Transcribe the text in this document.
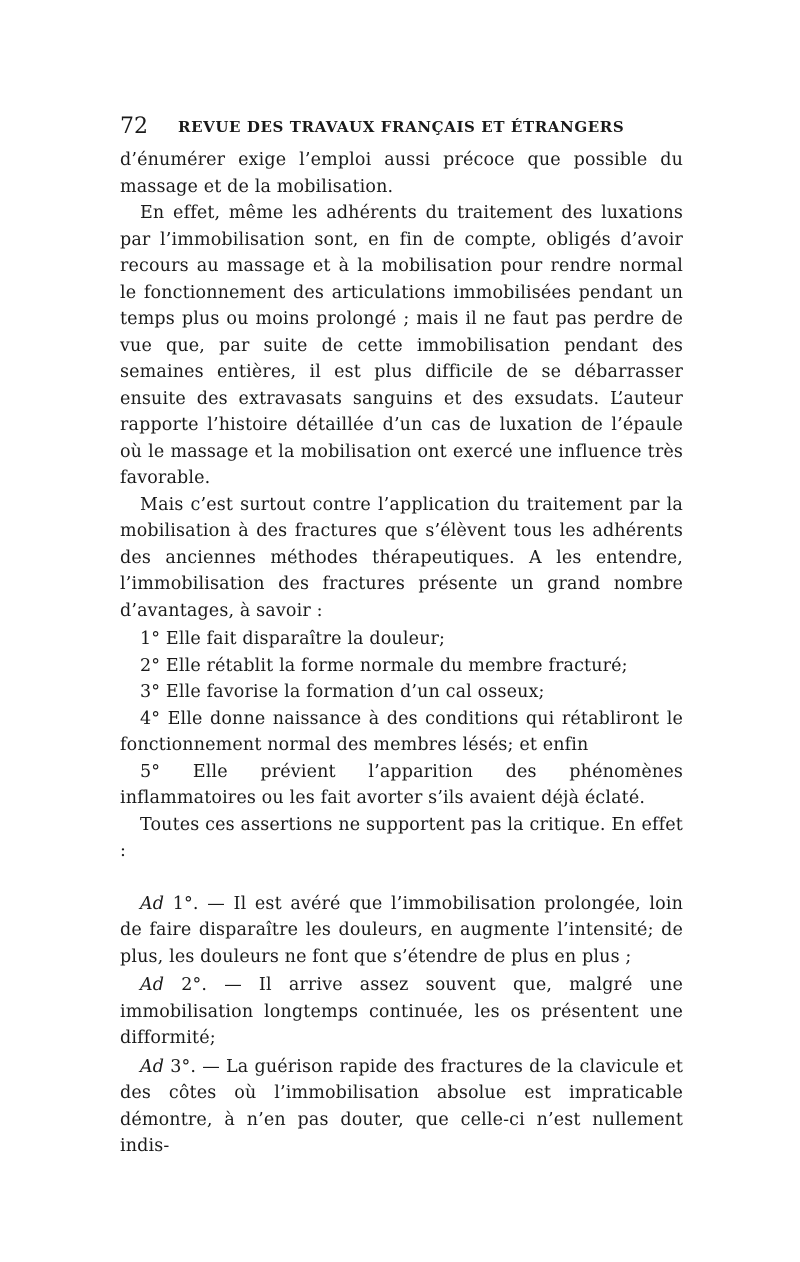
72 REVUE DES TRAVAUX FRANÇAIS ET ÉTRANGERS

d’énumérer exige l’emploi aussi précoce que possible du massage et de la mobilisation.

En effet, même les adhérents du traitement des luxations par l’immobilisation sont, en fin de compte, obligés d’avoir recours au massage et à la mobilisation pour rendre normal le fonctionnement des articulations immobilisées pendant un temps plus ou moins prolongé ; mais il ne faut pas perdre de vue que, par suite de cette immobilisation pendant des semaines entières, il est plus difficile de se débarrasser ensuite des extravasats sanguins et des exsudats. L’auteur rapporte l’histoire détaillée d’un cas de luxation de l’épaule où le massage et la mobilisation ont exercé une influence très favorable.

Mais c’est surtout contre l’application du traitement par la mobilisation à des fractures que s’élèvent tous les adhérents des anciennes méthodes thérapeutiques. A les entendre, l’immobilisation des fractures présente un grand nombre d’avantages, à savoir :

1° Elle fait disparaître la douleur;

2° Elle rétablit la forme normale du membre fracturé;

3° Elle favorise la formation d’un cal osseux;

4° Elle donne naissance à des conditions qui rétabliront le fonctionnement normal des membres lésés; et enfin

5° Elle prévient l’apparition des phénomènes inflammatoires ou les fait avorter s’ils avaient déjà éclaté.

Toutes ces assertions ne supportent pas la critique. En effet :

Ad 1°. — Il est avéré que l’immobilisation prolongée, loin de faire disparaître les douleurs, en augmente l’intensité; de plus, les douleurs ne font que s’étendre de plus en plus ;

Ad 2°. — Il arrive assez souvent que, malgré une immobilisation longtemps continuée, les os présentent une difformité;

Ad 3°. — La guérison rapide des fractures de la clavicule et des côtes où l’immobilisation absolue est impraticable démontre, à n’en pas douter, que celle-ci n’est nullement indis-
